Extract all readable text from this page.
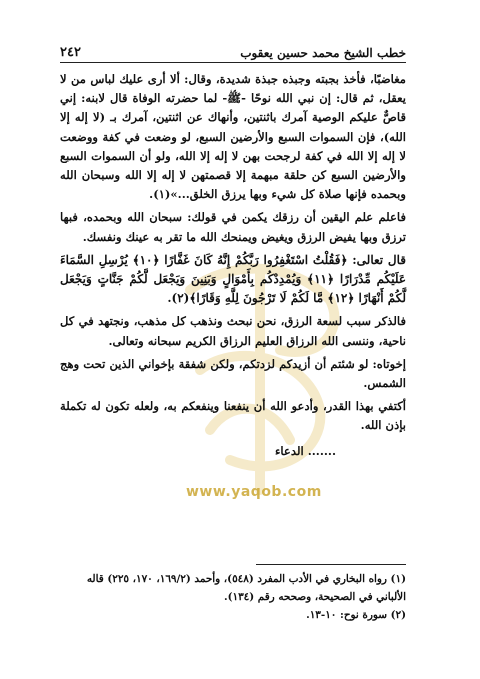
خطب الشيخ محمد حسين يعقوب
٢٤٢

مغاضبًا، فأخذ بجبته وجبذه جبذة شديدة، وقال: ألا أرى عليك لباس من لا يعقل، ثم قال: إن نبي الله نوحًا -ﷺ- لما حضرته الوفاة قال لابنه: إني قاصٌّ عليكم الوصية آمرك باثنتين، وأنهاك عن اثنتين، آمرك بـ (لا إله إلا الله)، فإن السموات السبع والأرضين السبع، لو وضعت في كفة ووضعت لا إله إلا الله في كفة لرجحت بهن لا إله إلا الله، ولو أن السموات السبع والأرضين السبع كن حلقة مبهمة إلا قصمتهن لا إله إلا الله وسبحان الله وبحمده فإنها صلاة كل شيء وبها يرزق الخلق...»(١).

فاعلم علم اليقين أن رزقك يكمن في قولك: سبحان الله وبحمده، فبها ترزق وبها يفيض الرزق ويغيض ويمنحك الله ما تقر به عينك ونفسك.

قال تعالى: ﴿فَقُلْتُ اسْتَغْفِرُوا رَبَّكُمْ إِنَّهُ كَانَ غَفَّارًا ﴿١٠﴾ يُرْسِلِ السَّمَاءَ عَلَيْكُم مِّدْرَارًا ﴿١١﴾ وَيُمْدِدْكُم بِأَمْوَالٍ وَبَنِينَ وَيَجْعَل لَّكُمْ جَنَّاتٍ وَيَجْعَل لَّكُمْ أَنْهَارًا ﴿١٢﴾ مَّا لَكُمْ لَا تَرْجُونَ لِلَّهِ وَقَارًا﴾(٢).

فالذكر سبب لسعة الرزق، نحن نبحث ونذهب كل مذهب، ونجتهد في كل ناحية، وننسى الله الرزاق العليم الرزاق الكريم سبحانه وتعالى.

إخوتاه: لو شئتم أن أزيدكم لزدتكم، ولكن شفقة بإخواني الذين تحت وهج الشمس.

أكتفي بهذا القدر، وأدعو الله أن ينفعنا وينفعكم به، ولعله تكون له تكملة بإذن الله.

....... الدعاء

www.yaqob.com

(١) رواه البخاري في الأدب المفرد (٥٤٨)، وأحمد (١٦٩/٢، ١٧٠، ٢٢٥) قاله الألباني في الصحيحة، وصححه رقم (١٣٤).

(٢) سورة نوح: ١٠-١٣.
